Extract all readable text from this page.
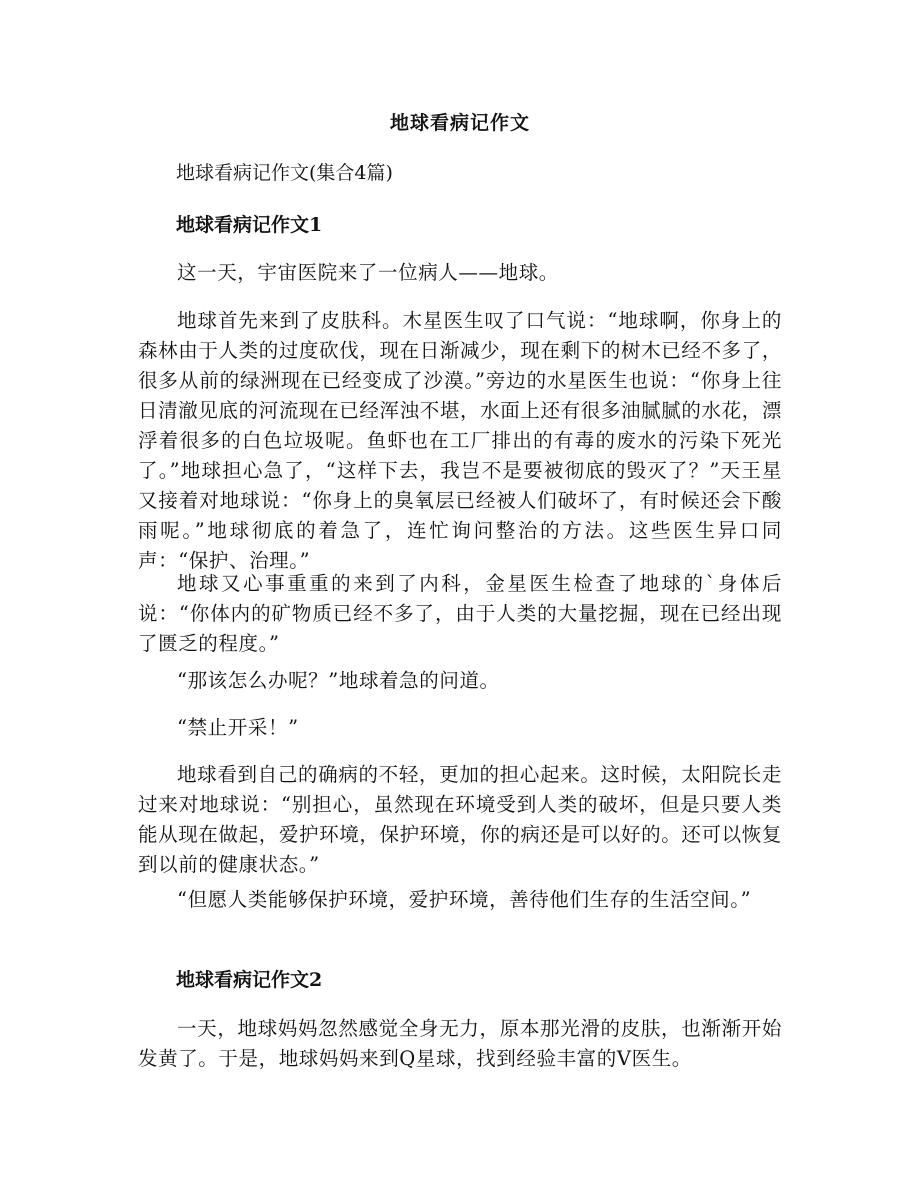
地球看病记作文
地球看病记作文(集合4篇)
地球看病记作文1
这一天，宇宙医院来了一位病人——地球。
地球首先来到了皮肤科。木星医生叹了口气说：“地球啊，你身上的森林由于人类的过度砍伐，现在日渐减少，现在剩下的树木已经不多了，很多从前的绿洲现在已经变成了沙漠。”旁边的水星医生也说：“你身上往日清澈见底的河流现在已经浑浊不堪，水面上还有很多油腻腻的水花，漂浮着很多的白色垃圾呢。鱼虾也在工厂排出的有毒的废水的污染下死光了。”地球担心急了，“这样下去，我岂不是要被彻底的毁灭了？”天王星又接着对地球说：“你身上的臭氧层已经被人们破坏了，有时候还会下酸雨呢。”地球彻底的着急了，连忙询问整治的方法。这些医生异口同声：“保护、治理。”
地球又心事重重的来到了内科，金星医生检查了地球的`身体后说：“你体内的矿物质已经不多了，由于人类的大量挖掘，现在已经出现了匮乏的程度。”
“那该怎么办呢？”地球着急的问道。
“禁止开采！”
地球看到自己的确病的不轻，更加的担心起来。这时候，太阳院长走过来对地球说：“别担心，虽然现在环境受到人类的破坏，但是只要人类能从现在做起，爱护环境，保护环境，你的病还是可以好的。还可以恢复到以前的健康状态。”
“但愿人类能够保护环境，爱护环境，善待他们生存的生活空间。”
地球看病记作文2
一天，地球妈妈忽然感觉全身无力，原本那光滑的皮肤，也渐渐开始发黄了。于是，地球妈妈来到Q星球，找到经验丰富的V医生。
